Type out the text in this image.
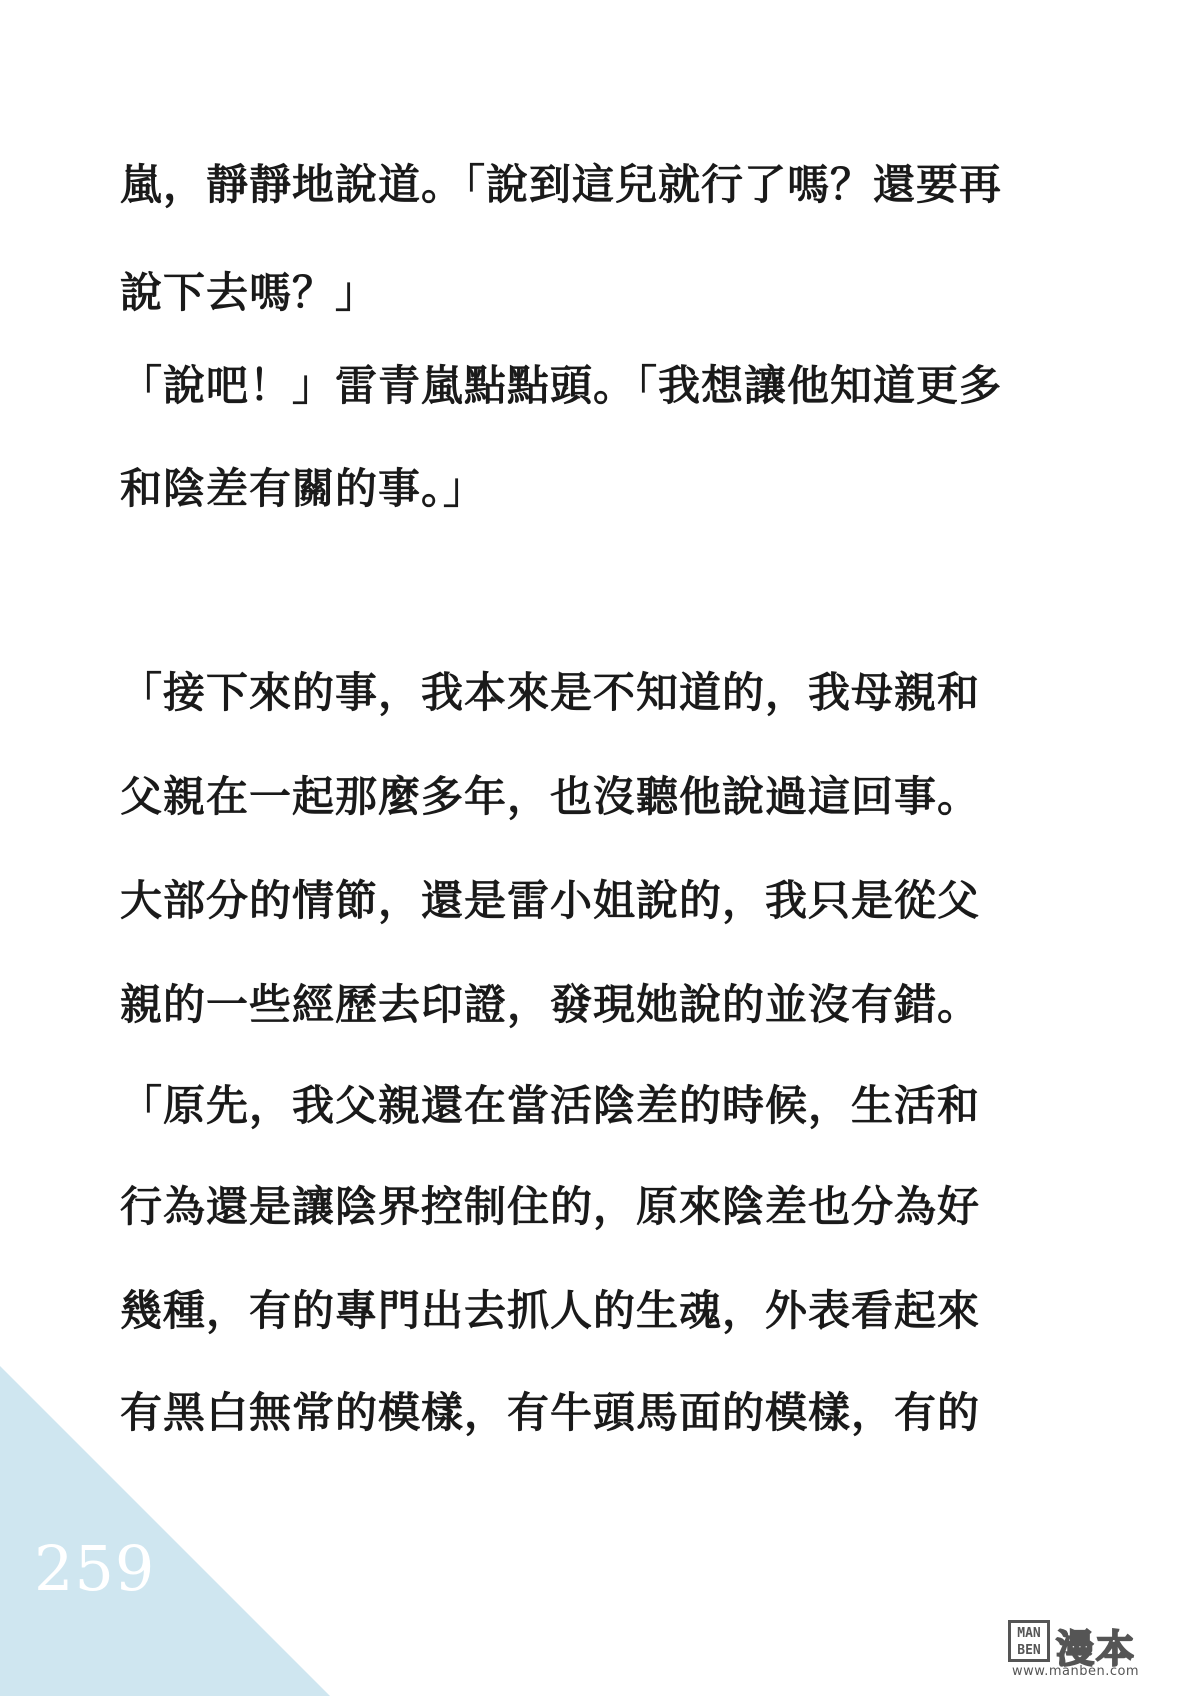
259
嵐，靜靜地說道。「說到這兒就行了嗎？還要再
說下去嗎？」
「說吧！」雷青嵐點點頭。「我想讓他知道更多
和陰差有關的事。」
「接下來的事，我本來是不知道的，我母親和
父親在一起那麼多年，也沒聽他說過這回事。
大部分的情節，還是雷小姐說的，我只是從父
親的一些經歷去印證，發現她說的並沒有錯。
「原先，我父親還在當活陰差的時候，生活和
行為還是讓陰界控制住的，原來陰差也分為好
幾種，有的專門出去抓人的生魂，外表看起來
有黑白無常的模樣，有牛頭馬面的模樣，有的
MAN BEN 漫本
www.manben.com
